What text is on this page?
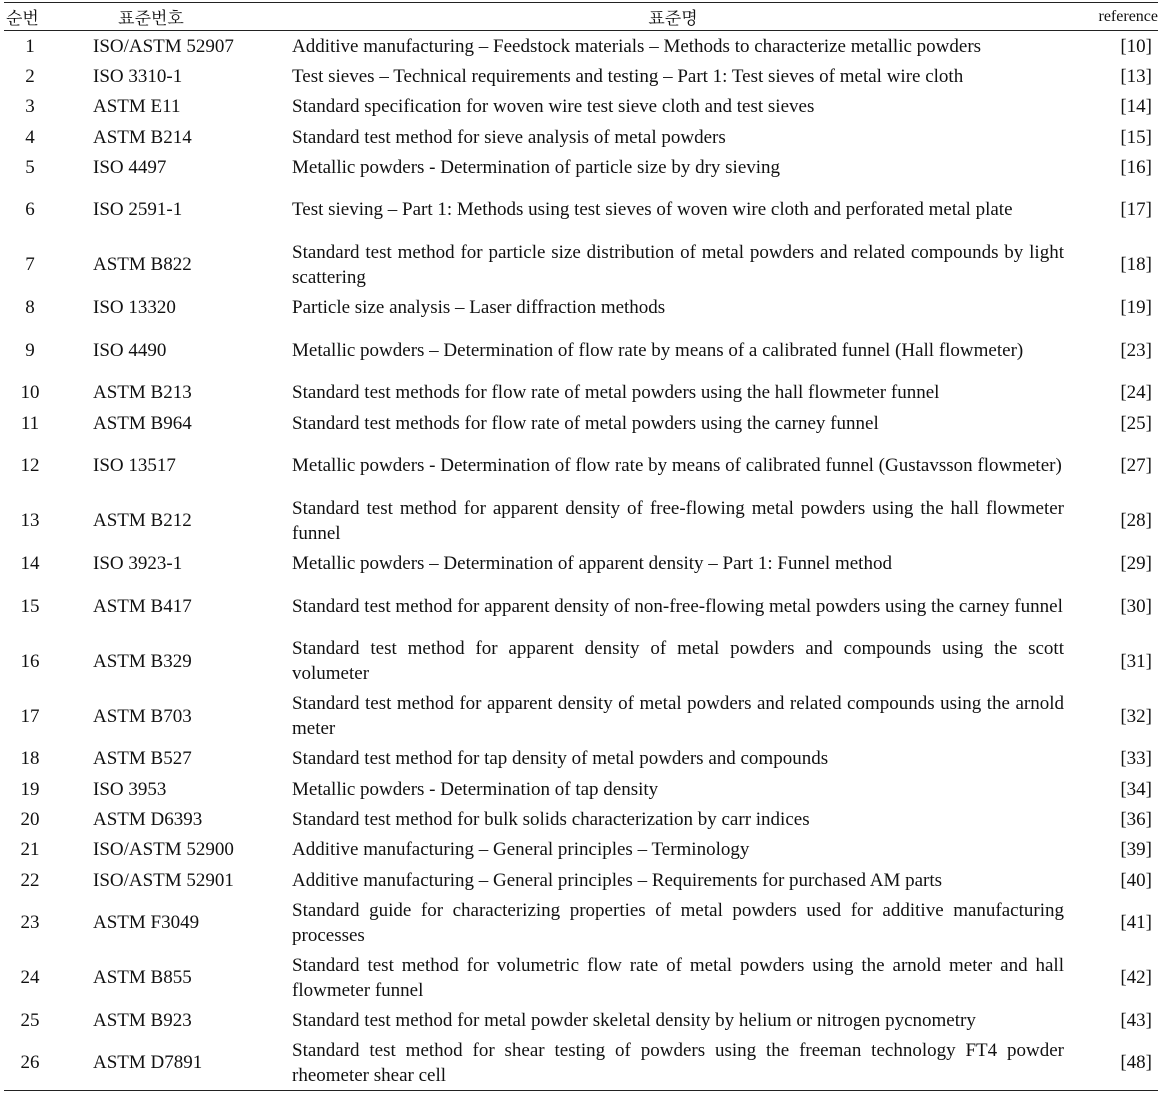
순번	표준번호	표준명	reference
1	ISO/ASTM 52907	Additive manufacturing – Feedstock materials – Methods to characterize metallic powders	[10]
2	ISO 3310-1	Test sieves – Technical requirements and testing – Part 1: Test sieves of metal wire cloth	[13]
3	ASTM E11	Standard specification for woven wire test sieve cloth and test sieves	[14]
4	ASTM B214	Standard test method for sieve analysis of metal powders	[15]
5	ISO 4497	Metallic powders - Determination of particle size by dry sieving	[16]
6	ISO 2591-1	Test sieving – Part 1: Methods using test sieves of woven wire cloth and perforated metal plate	[17]
7	ASTM B822	Standard test method for particle size distribution of metal powders and related compounds by light scattering	[18]
8	ISO 13320	Particle size analysis – Laser diffraction methods	[19]
9	ISO 4490	Metallic powders – Determination of flow rate by means of a calibrated funnel (Hall flowmeter)	[23]
10	ASTM B213	Standard test methods for flow rate of metal powders using the hall flowmeter funnel	[24]
11	ASTM B964	Standard test methods for flow rate of metal powders using the carney funnel	[25]
12	ISO 13517	Metallic powders - Determination of flow rate by means of calibrated funnel (Gustavsson flowmeter)	[27]
13	ASTM B212	Standard test method for apparent density of free-flowing metal powders using the hall flowmeter funnel	[28]
14	ISO 3923-1	Metallic powders – Determination of apparent density – Part 1: Funnel method	[29]
15	ASTM B417	Standard test method for apparent density of non-free-flowing metal powders using the carney funnel	[30]
16	ASTM B329	Standard test method for apparent density of metal powders and compounds using the scott volumeter	[31]
17	ASTM B703	Standard test method for apparent density of metal powders and related compounds using the arnold meter	[32]
18	ASTM B527	Standard test method for tap density of metal powders and compounds	[33]
19	ISO 3953	Metallic powders - Determination of tap density	[34]
20	ASTM D6393	Standard test method for bulk solids characterization by carr indices	[36]
21	ISO/ASTM 52900	Additive manufacturing – General principles – Terminology	[39]
22	ISO/ASTM 52901	Additive manufacturing – General principles – Requirements for purchased AM parts	[40]
23	ASTM F3049	Standard guide for characterizing properties of metal powders used for additive manufacturing processes	[41]
24	ASTM B855	Standard test method for volumetric flow rate of metal powders using the arnold meter and hall flowmeter funnel	[42]
25	ASTM B923	Standard test method for metal powder skeletal density by helium or nitrogen pycnometry	[43]
26	ASTM D7891	Standard test method for shear testing of powders using the freeman technology FT4 powder rheometer shear cell	[48]
